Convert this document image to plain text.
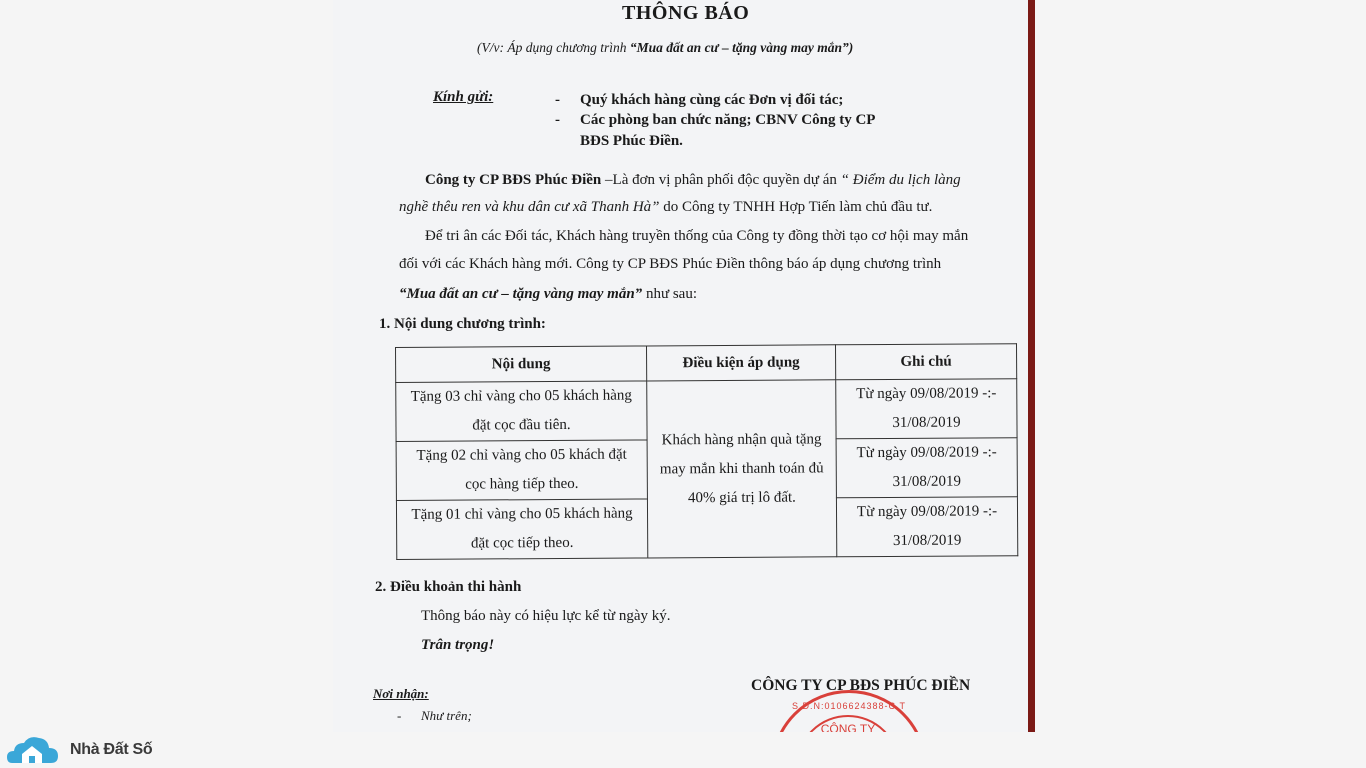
THÔNG BÁO
(V/v: Áp dụng chương trình “Mua đất an cư – tặng vàng may mắn”)
Kính gửi:	- Quý khách hàng cùng các Đơn vị đối tác;
- Các phòng ban chức năng; CBNV Công ty CP
BĐS Phúc Điền.
Công ty CP BĐS Phúc Điền –Là đơn vị phân phối độc quyền dự án “ Điểm du lịch làng
nghề thêu ren và khu dân cư xã Thanh Hà” do Công ty TNHH Hợp Tiến làm chủ đầu tư.
Để tri ân các Đối tác, Khách hàng truyền thống của Công ty đồng thời tạo cơ hội may mắn
đối với các Khách hàng mới. Công ty CP BĐS Phúc Điền thông báo áp dụng chương trình
“Mua đất an cư – tặng vàng may mắn” như sau:
1. Nội dung chương trình:
Nội dung	Điều kiện áp dụng	Ghi chú
Tặng 03 chỉ vàng cho 05 khách hàng
đặt cọc đầu tiên.	Khách hàng nhận quà tặng
may mắn khi thanh toán đủ
40% giá trị lô đất.	Từ ngày 09/08/2019 -:-
31/08/2019
Tặng 02 chỉ vàng cho 05 khách đặt
cọc hàng tiếp theo.		Từ ngày 09/08/2019 -:-
31/08/2019
Tặng 01 chỉ vàng cho 05 khách hàng
đặt cọc tiếp theo.		Từ ngày 09/08/2019 -:-
31/08/2019
2. Điều khoản thi hành
Thông báo này có hiệu lực kể từ ngày ký.
Trân trọng!
Nơi nhận:
- Như trên;
CÔNG TY CP BĐS PHÚC ĐIỀN
S.Đ.N:0106624388-C.T
CÔNG TY
Nhà Đất Số
